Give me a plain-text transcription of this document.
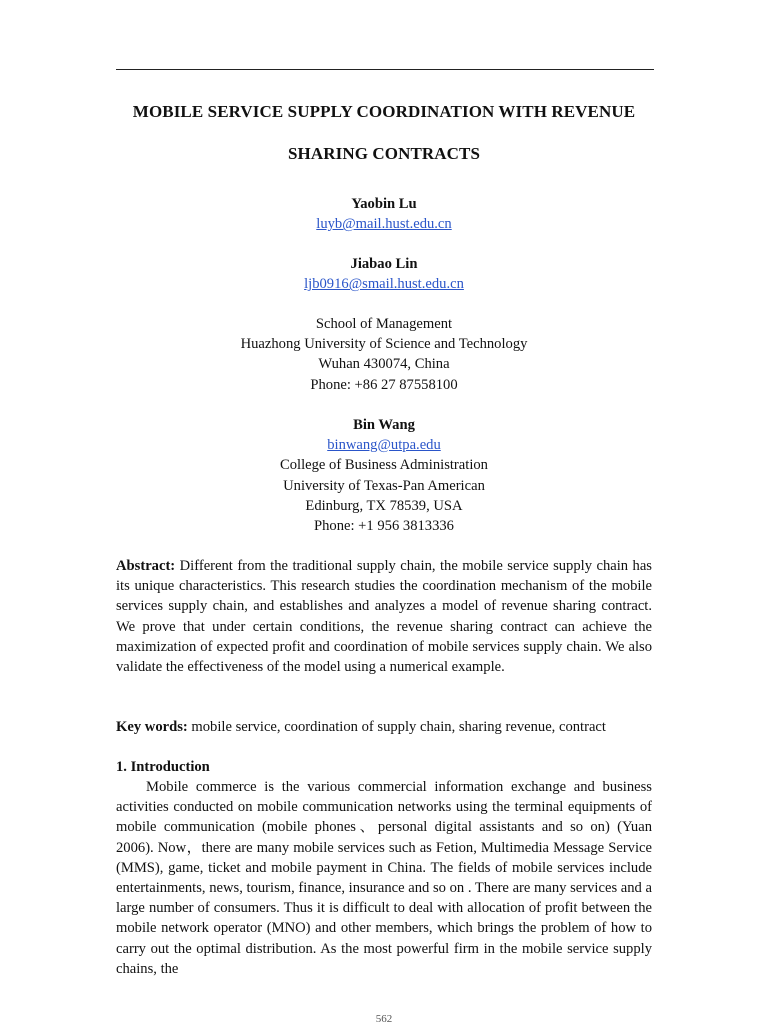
MOBILE SERVICE SUPPLY COORDINATION WITH REVENUE
SHARING CONTRACTS
Yaobin Lu
luyb@mail.hust.edu.cn
Jiabao Lin
ljb0916@smail.hust.edu.cn
School of Management
Huazhong University of Science and Technology
Wuhan 430074, China
Phone: +86 27 87558100
Bin Wang
binwang@utpa.edu
College of Business Administration
University of Texas-Pan American
Edinburg, TX 78539, USA
Phone: +1 956 3813336
Abstract: Different from the traditional supply chain, the mobile service supply chain has its unique characteristics. This research studies the coordination mechanism of the mobile services supply chain, and establishes and analyzes a model of revenue sharing contract. We prove that under certain conditions, the revenue sharing contract can achieve the maximization of expected profit and coordination of mobile services supply chain. We also validate the effectiveness of the model using a numerical example.
Key words: mobile service, coordination of supply chain, sharing revenue, contract
1. Introduction
Mobile commerce is the various commercial information exchange and business activities conducted on mobile communication networks using the terminal equipments of mobile communication (mobile phones、personal digital assistants and so on) (Yuan 2006). Now，there are many mobile services such as Fetion, Multimedia Message Service (MMS), game, ticket and mobile payment in China. The fields of mobile services include entertainments, news, tourism, finance, insurance and so on . There are many services and a large number of consumers. Thus it is difficult to deal with allocation of profit between the mobile network operator (MNO) and other members, which brings the problem of how to carry out the optimal distribution. As the most powerful firm in the mobile service supply chains, the
562
